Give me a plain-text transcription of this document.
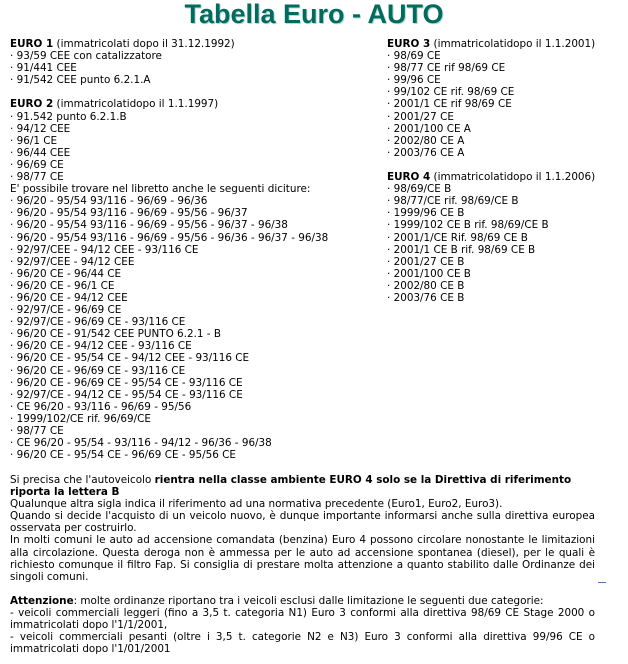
Tabella Euro - AUTO
EURO 1 (immatricolati dopo il 31.12.1992)
· 93/59 CEE con catalizzatore
· 91/441 CEE
· 91/542 CEE punto 6.2.1.A
EURO 2 (immatricolatidopo il 1.1.1997)
· 91.542 punto 6.2.1.B
· 94/12 CEE
· 96/1 CE
· 96/44 CEE
· 96/69 CE
· 98/77 CE
E' possibile trovare nel libretto anche le seguenti diciture:
· 96/20 - 95/54 93/116 - 96/69 - 96/36
· 96/20 - 95/54 93/116 - 96/69 - 95/56 - 96/37
· 96/20 - 95/54 93/116 - 96/69 - 95/56 - 96/37 - 96/38
· 96/20 - 95/54 93/116 - 96/69 - 95/56 - 96/36 - 96/37 - 96/38
· 92/97/CEE - 94/12 CEE - 93/116 CE
· 92/97/CEE - 94/12 CEE
· 96/20 CE - 96/44 CE
· 96/20 CE - 96/1 CE
· 96/20 CE - 94/12 CEE
· 92/97/CE - 96/69 CE
· 92/97/CE - 96/69 CE - 93/116 CE
· 96/20 CE - 91/542 CEE PUNTO 6.2.1 - B
· 96/20 CE - 94/12 CEE - 93/116 CE
· 96/20 CE - 95/54 CE - 94/12 CEE - 93/116 CE
· 96/20 CE - 96/69 CE - 93/116 CE
· 96/20 CE - 96/69 CE - 95/54 CE - 93/116 CE
· 92/97/CE - 94/12 CE - 95/54 CE - 93/116 CE
· CE 96/20 - 93/116 - 96/69 - 95/56
· 1999/102/CE rif. 96/69/CE
· 98/77 CE
· CE 96/20 - 95/54 - 93/116 - 94/12 - 96/36 - 96/38
· 96/20 CE - 95/54 CE - 96/69 CE - 95/56 CE
EURO 3 (immatricolatidopo il 1.1.2001)
· 98/69 CE
· 98/77 CE rif 98/69 CE
· 99/96 CE
· 99/102 CE rif. 98/69 CE
· 2001/1 CE rif 98/69 CE
· 2001/27 CE
· 2001/100 CE A
· 2002/80 CE A
· 2003/76 CE A
EURO 4 (immatricolatidopo il 1.1.2006)
· 98/69/CE B
· 98/77/CE rif. 98/69/CE B
· 1999/96 CE B
· 1999/102 CE B rif. 98/69/CE B
· 2001/1/CE Rif. 98/69 CE B
· 2001/1 CE B rif. 98/69 CE B
· 2001/27 CE B
· 2001/100 CE B
· 2002/80 CE B
· 2003/76 CE B

Si precisa che l'autoveicolo rientra nella classe ambiente EURO 4 solo se la Direttiva di riferimento riporta la lettera B

Qualunque altra sigla indica il riferimento ad una normativa precedente (Euro1, Euro2, Euro3).

Quando si decide l'acquisto di un veicolo nuovo, è dunque importante informarsi anche sulla direttiva europea osservata per costruirlo.

In molti comuni le auto ad accensione comandata (benzina) Euro 4 possono circolare nonostante le limitazioni alla circolazione. Questa deroga non è ammessa per le auto ad accensione spontanea (diesel), per le quali è richiesto comunque il filtro Fap. Si consiglia di prestare molta attenzione a quanto stabilito dalle Ordinanze dei singoli comuni.

Attenzione: molte ordinanze riportano tra i veicoli esclusi dalle limitazione le seguenti due categorie:

- veicoli commerciali leggeri (fino a 3,5 t. categoria N1) Euro 3 conformi alla direttiva 98/69 CE Stage 2000 o immatricolati dopo l'1/1/2001,

- veicoli commerciali pesanti (oltre i 3,5 t. categorie N2 e N3) Euro 3 conformi alla direttiva 99/96 CE o immatricolati dopo l'1/01/2001
